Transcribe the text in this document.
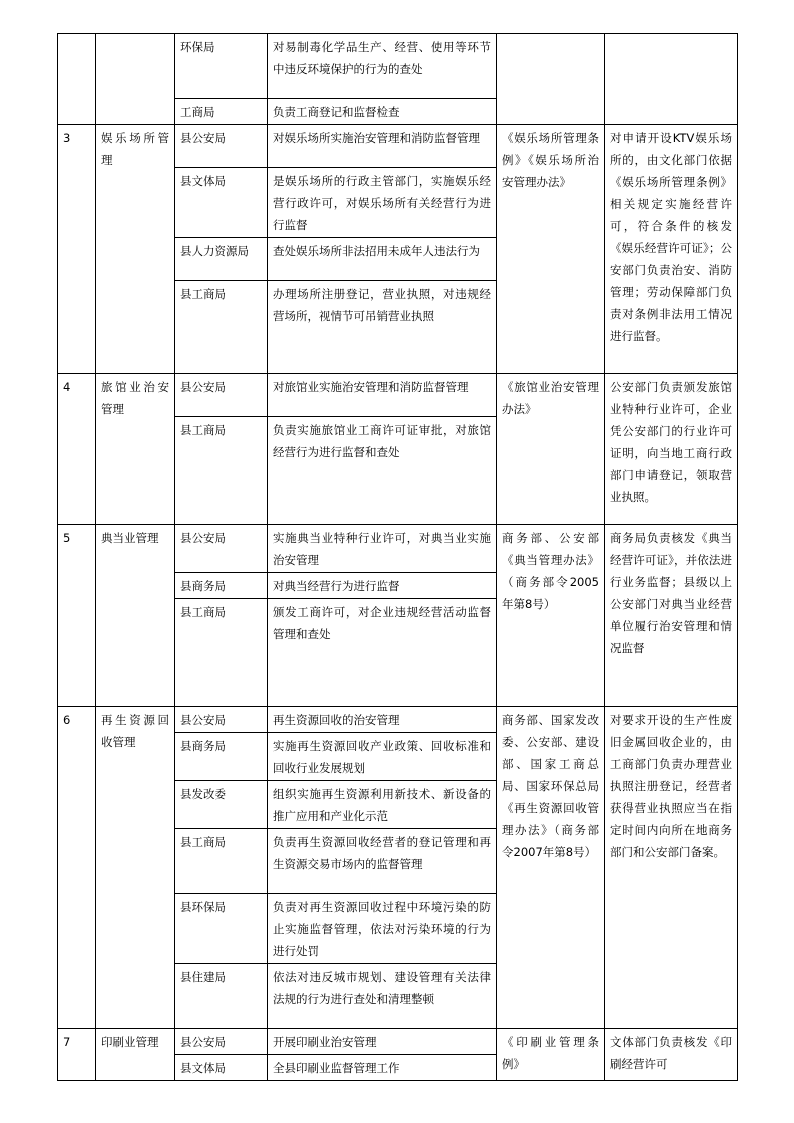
		环保局	对易制毒化学品生产、经营、使用等环节中违反环境保护的行为的查处		
		工商局	负责工商登记和监督检查		
3	娱乐场所管理	县公安局	对娱乐场所实施治安管理和消防监督管理	《娱乐场所管理条例》《娱乐场所治安管理办法》	对申请开设KTV娱乐场所的，由文化部门依据《娱乐场所管理条例》相关规定实施经营许可，符合条件的核发《娱乐经营许可证》；公安部门负责治安、消防管理；劳动保障部门负责对条例非法用工情况进行监督。
		县文体局	是娱乐场所的行政主管部门，实施娱乐经营行政许可，对娱乐场所有关经营行为进行监督		
		县人力资源局	查处娱乐场所非法招用未成年人违法行为		
		县工商局	办理场所注册登记，营业执照，对违规经营场所，视情节可吊销营业执照		
4	旅馆业治安管理	县公安局	对旅馆业实施治安管理和消防监督管理	《旅馆业治安管理办法》	公安部门负责颁发旅馆业特种行业许可，企业凭公安部门的行业许可证明，向当地工商行政部门申请登记，领取营业执照。
		县工商局	负责实施旅馆业工商许可证审批，对旅馆经营行为进行监督和查处		
5	典当业管理	县公安局	实施典当业特种行业许可，对典当业实施治安管理	商务部、公安部《典当管理办法》（商务部令2005年第8号）	商务局负责核发《典当经营许可证》，并依法进行业务监督；县级以上公安部门对典当业经营单位履行治安管理和情况监督
		县商务局	对典当经营行为进行监督		
		县工商局	颁发工商许可，对企业违规经营活动监督管理和查处		
6	再生资源回收管理	县公安局	再生资源回收的治安管理	商务部、国家发改委、公安部、建设部、国家工商总局、国家环保总局《再生资源回收管理办法》（商务部令2007年第8号）	对要求开设的生产性废旧金属回收企业的，由工商部门负责办理营业执照注册登记，经营者获得营业执照应当在指定时间内向所在地商务部门和公安部门备案。
		县商务局	实施再生资源回收产业政策、回收标准和回收行业发展规划		
		县发改委	组织实施再生资源利用新技术、新设备的推广应用和产业化示范		
		县工商局	负责再生资源回收经营者的登记管理和再生资源交易市场内的监督管理		
		县环保局	负责对再生资源回收过程中环境污染的防止实施监督管理，依法对污染环境的行为进行处罚		
		县住建局	依法对违反城市规划、建设管理有关法律法规的行为进行查处和清理整顿		
7	印刷业管理	县公安局	开展印刷业治安管理	《印刷业管理条例》	文体部门负责核发《印刷经营许可
		县文体局	全县印刷业监督管理工作		
